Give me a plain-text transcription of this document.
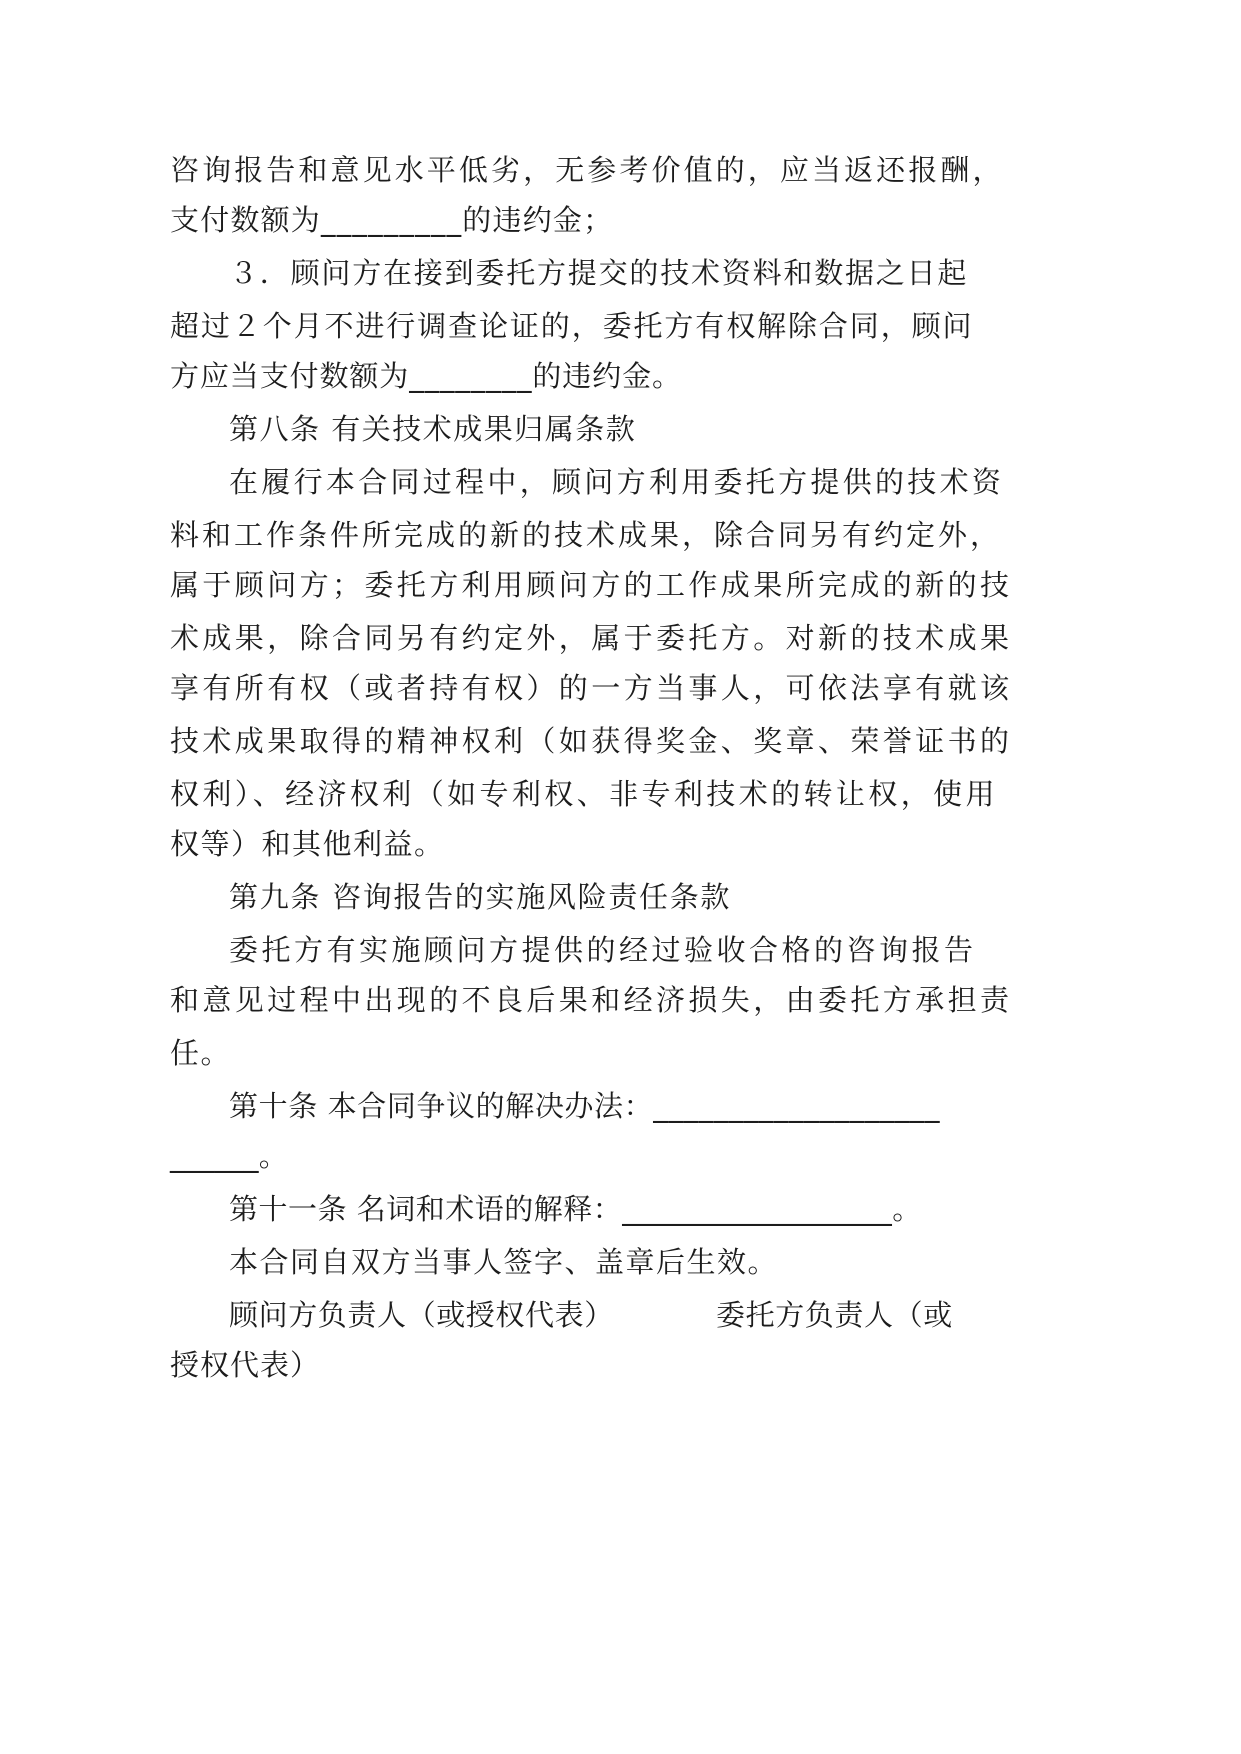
咨询报告和意见水平低劣，无参考价值的，应当返还报酬，
支付数额为_________的违约金；
３．顾问方在接到委托方提交的技术资料和数据之日起
超过２个月不进行调查论证的，委托方有权解除合同，顾问
方应当支付数额为________的违约金。
第八条 有关技术成果归属条款
在履行本合同过程中，顾问方利用委托方提供的技术资
料和工作条件所完成的新的技术成果，除合同另有约定外，
属于顾问方；委托方利用顾问方的工作成果所完成的新的技
术成果，除合同另有约定外，属于委托方。对新的技术成果
享有所有权（或者持有权）的一方当事人，可依法享有就该
技术成果取得的精神权利（如获得奖金、奖章、荣誉证书的
权利）、经济权利（如专利权、非专利技术的转让权，使用
权等）和其他利益。
第九条 咨询报告的实施风险责任条款
委托方有实施顾问方提供的经过验收合格的咨询报告
和意见过程中出现的不良后果和经济损失，由委托方承担责
任。
第十条 本合同争议的解决办法：___________________
______。
第十一条 名词和术语的解释：__________________。
本合同自双方当事人签字、盖章后生效。
顾问方负责人（或授权代表）	委托方负责人（或
授权代表）
